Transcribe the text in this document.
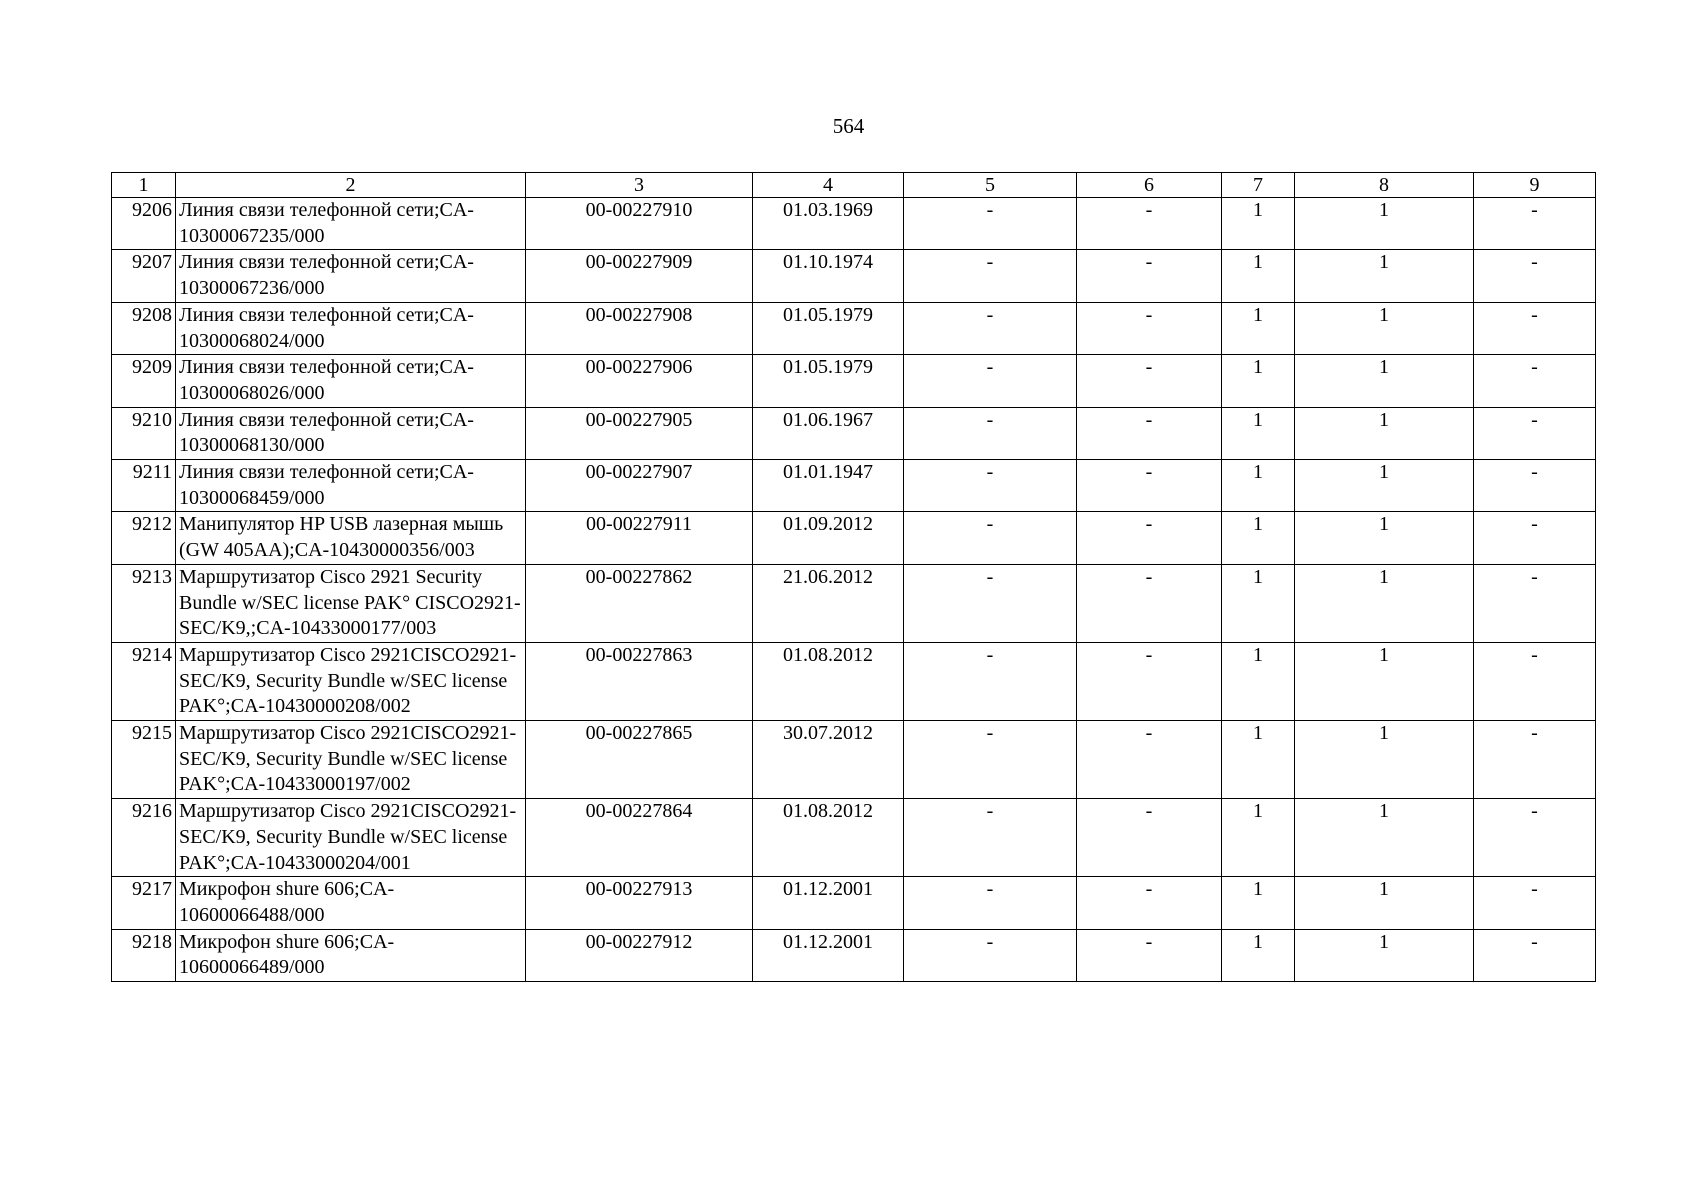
564
1	2	3	4	5	6	7	8	9
9206	Линия связи телефонной сети;CA-10300067235/000	00-00227910	01.03.1969	-	-	1	1	-
9207	Линия связи телефонной сети;CA-10300067236/000	00-00227909	01.10.1974	-	-	1	1	-
9208	Линия связи телефонной сети;CA-10300068024/000	00-00227908	01.05.1979	-	-	1	1	-
9209	Линия связи телефонной сети;CA-10300068026/000	00-00227906	01.05.1979	-	-	1	1	-
9210	Линия связи телефонной сети;CA-10300068130/000	00-00227905	01.06.1967	-	-	1	1	-
9211	Линия связи телефонной сети;CA-10300068459/000	00-00227907	01.01.1947	-	-	1	1	-
9212	Манипулятор HP USB лазерная мышь (GW 405AA);CA-10430000356/003	00-00227911	01.09.2012	-	-	1	1	-
9213	Маршрутизатор Cisco 2921 Security Bundle w/SEC license PAK° CISCO2921-SEC/K9,;CA-10433000177/003	00-00227862	21.06.2012	-	-	1	1	-
9214	Маршрутизатор Cisco 2921CISCO2921-SEC/K9, Security Bundle w/SEC license PAK°;CA-10430000208/002	00-00227863	01.08.2012	-	-	1	1	-
9215	Маршрутизатор Cisco 2921CISCO2921-SEC/K9, Security Bundle w/SEC license PAK°;CA-10433000197/002	00-00227865	30.07.2012	-	-	1	1	-
9216	Маршрутизатор Cisco 2921CISCO2921-SEC/K9, Security Bundle w/SEC license PAK°;CA-10433000204/001	00-00227864	01.08.2012	-	-	1	1	-
9217	Микрофон shure 606;CA-10600066488/000	00-00227913	01.12.2001	-	-	1	1	-
9218	Микрофон shure 606;CA-10600066489/000	00-00227912	01.12.2001	-	-	1	1	-
